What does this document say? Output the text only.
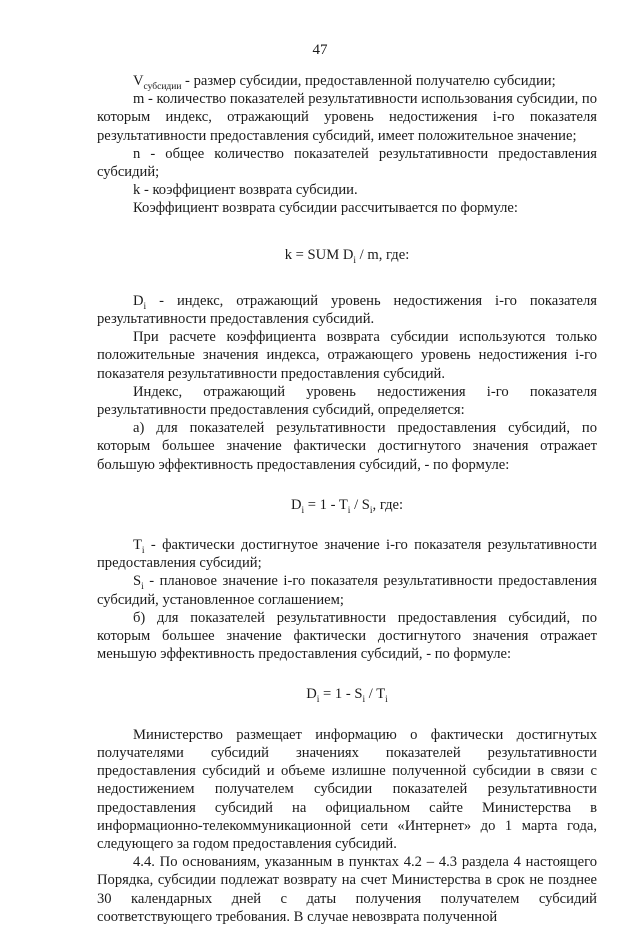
47

$V_{субсидии}$ - размер субсидии, предоставленной получателю субсидии;

m - количество показателей результативности использования субсидии, по которым индекс, отражающий уровень недостижения i-го показателя результативности предоставления субсидий, имеет положительное значение;

n - общее количество показателей результативности предоставления субсидий;

k - коэффициент возврата субсидии.

Коэффициент возврата субсидии рассчитывается по формуле:

k = SUM $D_i$ / m, где:

$D_i$ - индекс, отражающий уровень недостижения i-го показателя результативности предоставления субсидий.

При расчете коэффициента возврата субсидии используются только положительные значения индекса, отражающего уровень недостижения i-го показателя результативности предоставления субсидий.

Индекс, отражающий уровень недостижения i-го показателя результативности предоставления субсидий, определяется:

а) для показателей результативности предоставления субсидий, по которым большее значение фактически достигнутого значения отражает большую эффективность предоставления субсидий, - по формуле:

$D_i = 1 - T_i / S_i$, где:

$T_i$ - фактически достигнутое значение i-го показателя результативности предоставления субсидий;

$S_i$ - плановое значение i-го показателя результативности предоставления субсидий, установленное соглашением;

б) для показателей результативности предоставления субсидий, по которым большее значение фактически достигнутого значения отражает меньшую эффективность предоставления субсидий, - по формуле:

$D_i = 1 - S_i / T_i$

Министерство размещает информацию о фактически достигнутых получателями субсидий значениях показателей результативности предоставления субсидий и объеме излишне полученной субсидии в связи с недостижением получателем субсидии показателей результативности предоставления субсидий на официальном сайте Министерства в информационно-телекоммуникационной сети «Интернет» до 1 марта года, следующего за годом предоставления субсидий.

4.4. По основаниям, указанным в пунктах 4.2 – 4.3 раздела 4 настоящего Порядка, субсидии подлежат возврату на счет Министерства в срок не позднее 30 календарных дней с даты получения получателем субсидий соответствующего требования. В случае невозврата полученной
